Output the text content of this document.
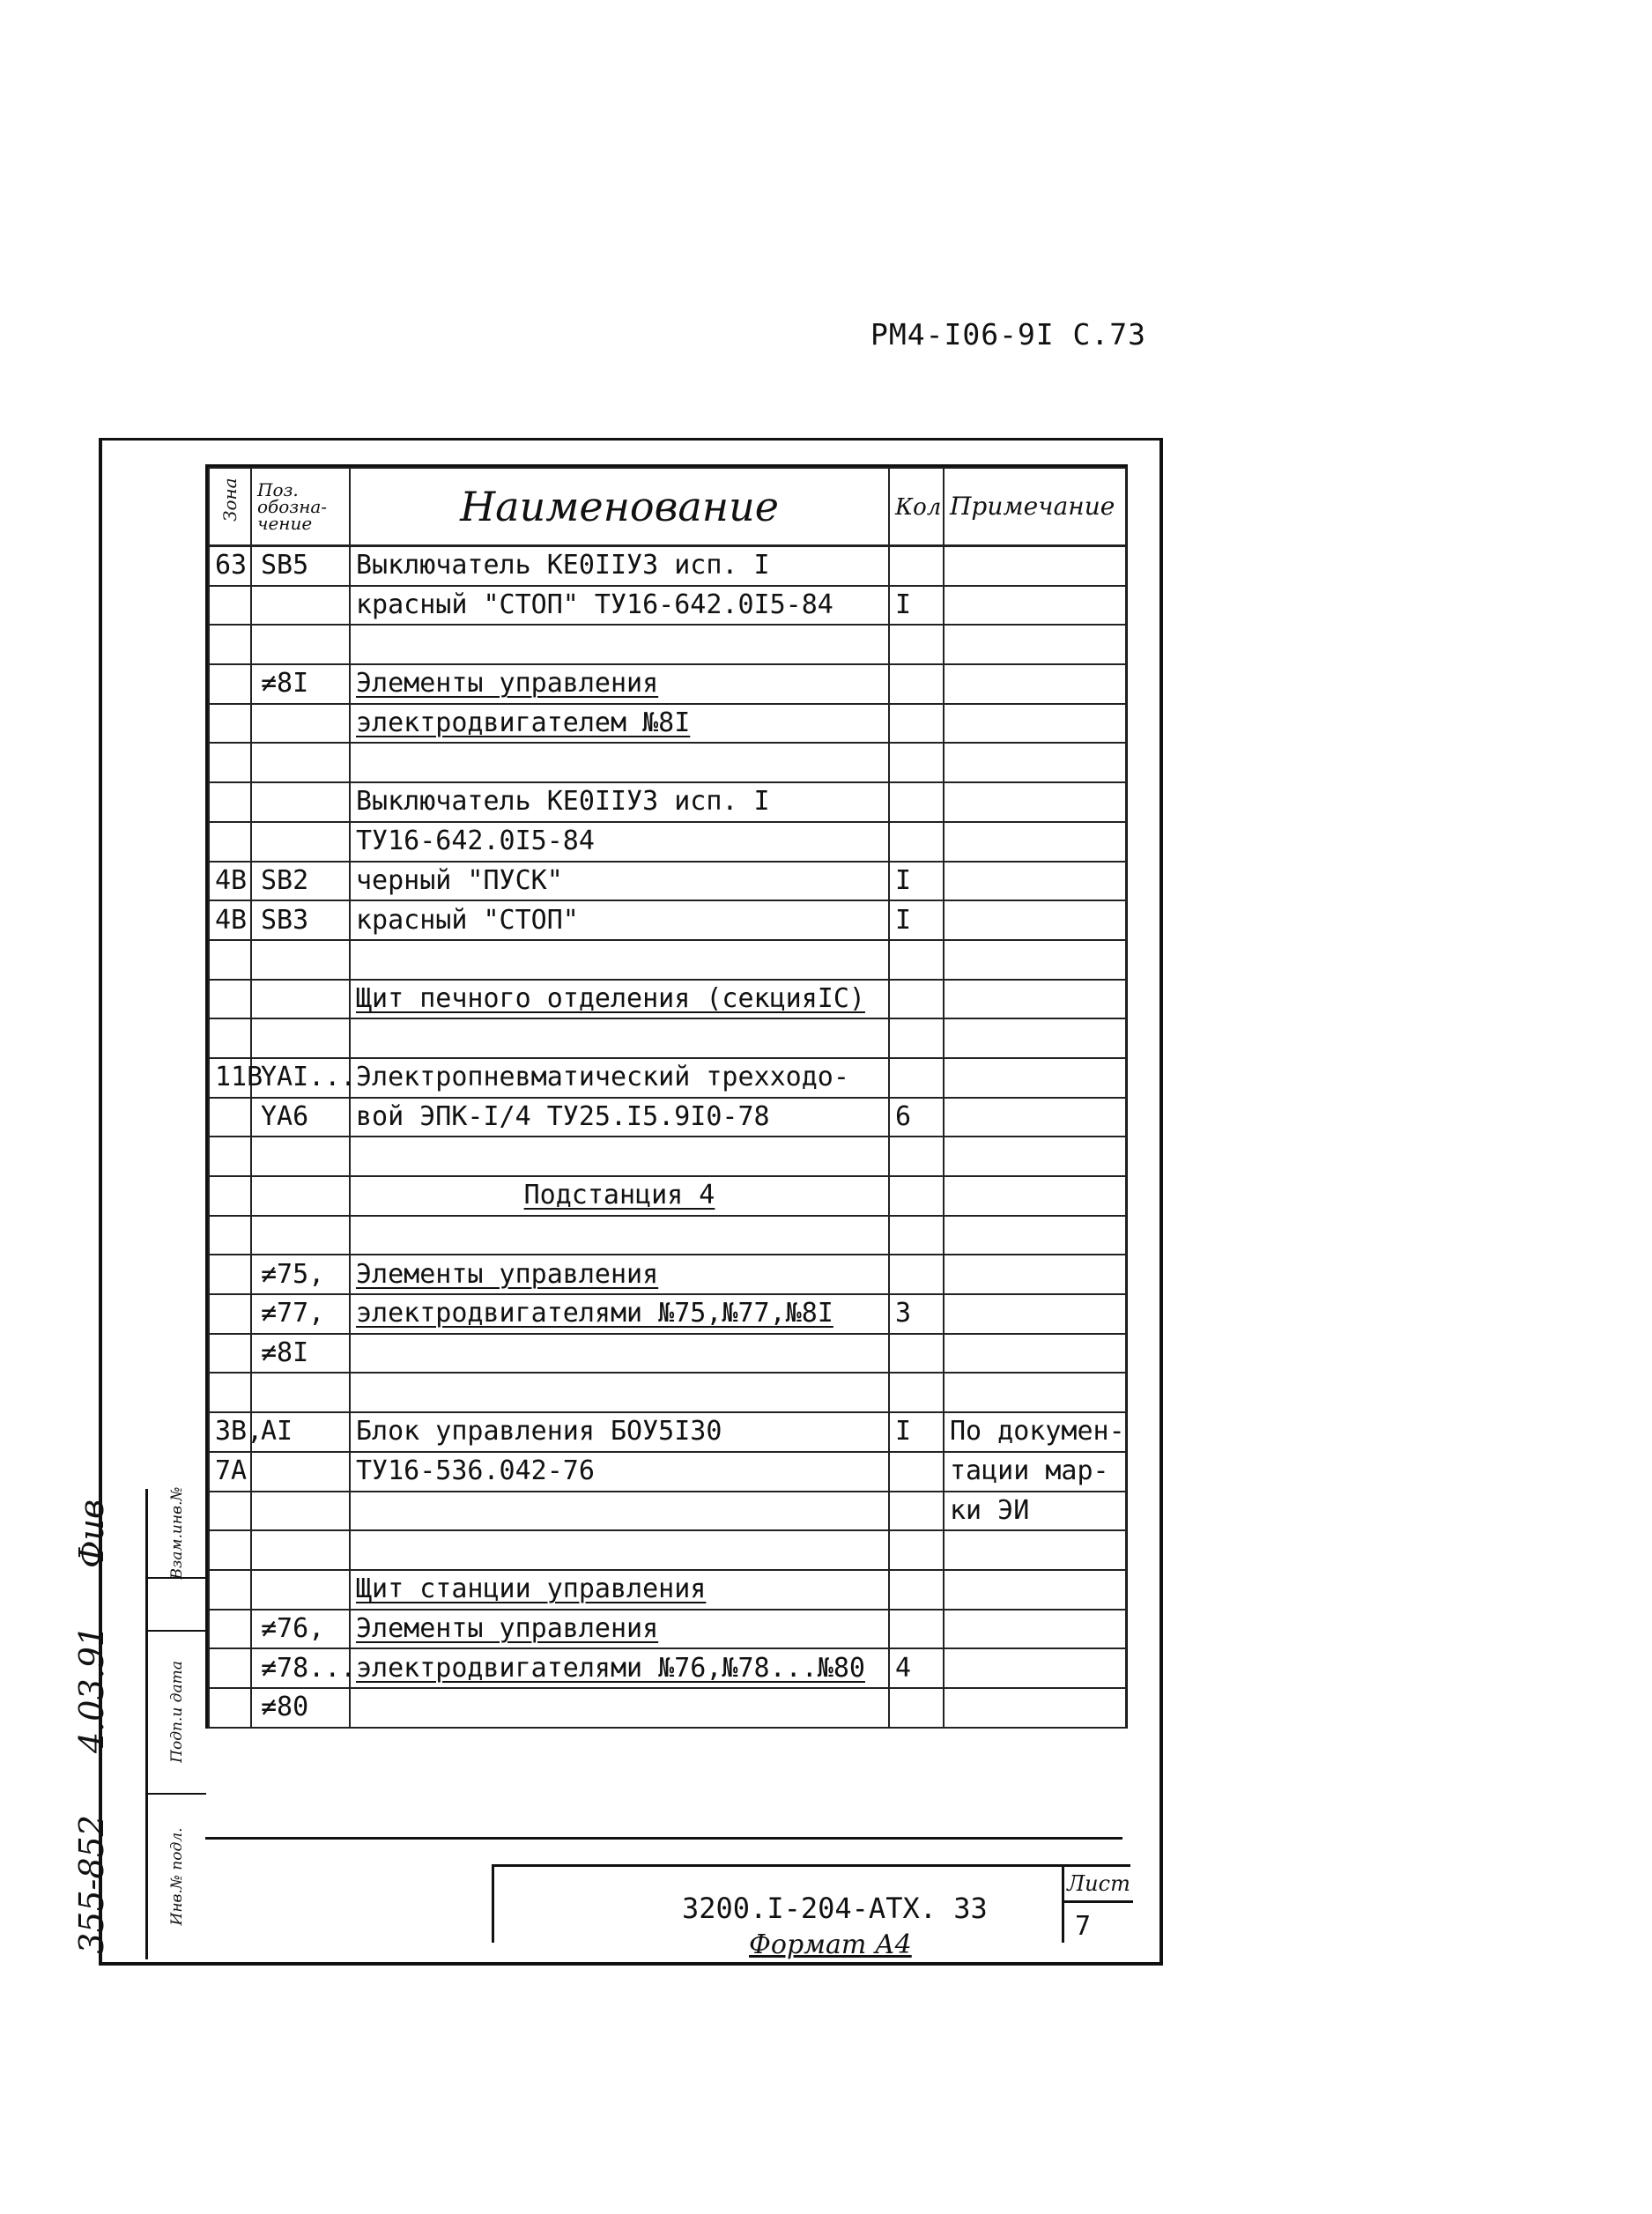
РМ4-I06-9I С.73
Зона	Поз. обозна-чение	Наименование	Кол	Примечание
63	SB5	Выключатель КЕ0IIУ3 исп. I		
		красный "СТОП" ТУ16-642.0I5-84	I	

	≠8I	Элементы управления		
		электродвигателем №8I		

		Выключатель КЕ0IIУ3 исп. I		
		ТУ16-642.0I5-84		
4В	SB2	черный "ПУСК"	I	
4В	SB3	красный "СТОП"	I	

		Щит печного отделения (секцияIС)		

11В	YAI...	Электропневматический трехходо-		
	YA6	вой ЭПК-I/4 ТУ25.I5.9I0-78	6	

		Подстанция 4		

	≠75,	Элементы управления		
	≠77,	электродвигателями №75,№77,№8I	3	
	≠8I			

3В,	AI	Блок управления БОУ5I30	I	По докумен-
7А		ТУ16-536.042-76		тации мар-
				ки ЭИ

		Щит станции управления		
	≠76,	Элементы управления		
	≠78...	электродвигателями №76,№78...№80	4	
	≠80			
3200.I-204-АТХ. 33
Лист
7
Формат А4
Взам.инв.№
Подп.и дата
Инв.№ подл.
355-852
4.03.91
Фив
